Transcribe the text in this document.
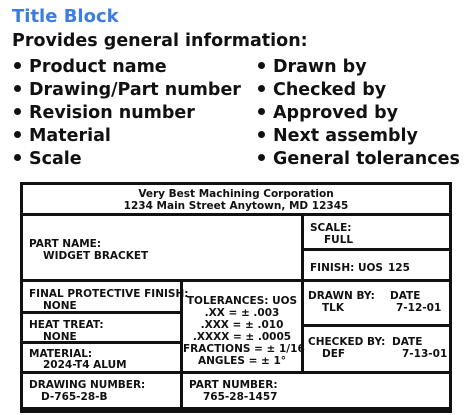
Title Block
Provides general information:
Product name
Drawing/Part number
Revision number
Material
Scale
Drawn by
Checked by
Approved by
Next assembly
General tolerances
Very Best Machining Corporation
1234 Main Street Anytown, MD 12345
PART NAME:
WIDGET BRACKET
SCALE:
FULL
FINISH: UOS 125
FINAL PROTECTIVE FINISH:
NONE
HEAT TREAT:
NONE
MATERIAL:
2024-T4 ALUM
TOLERANCES: UOS
.XX = ± .003
.XXX = ± .010
.XXXX = ± .0005
FRACTIONS = ± 1/16
ANGLES = ± 1°
DRAWN BY:
TLK
DATE
7-12-01
CHECKED BY:
DEF
DATE
7-13-01
DRAWING NUMBER:
D-765-28-B
PART NUMBER:
765-28-1457
